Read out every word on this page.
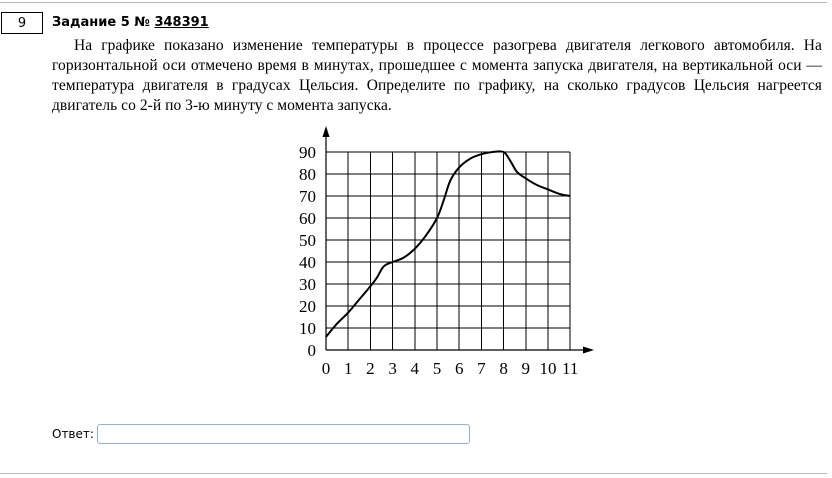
9 Задание 5 № 348391
На графике показано изменение температуры в процессе разогрева двигателя легкового автомобиля. На горизонтальной оси отмечено время в минутах, прошедшее с момента запуска двигателя, на вертикальной оси — температура двигателя в градусах Цельсия. Определите по графику, на сколько градусов Цельсия нагреется двигатель со 2-й по 3-ю минуту с момента запуска.
0 1 2 3 4 5 6 7 8 9 10 11
0
10
20
30
40
50
60
70
80
90
Ответ:
